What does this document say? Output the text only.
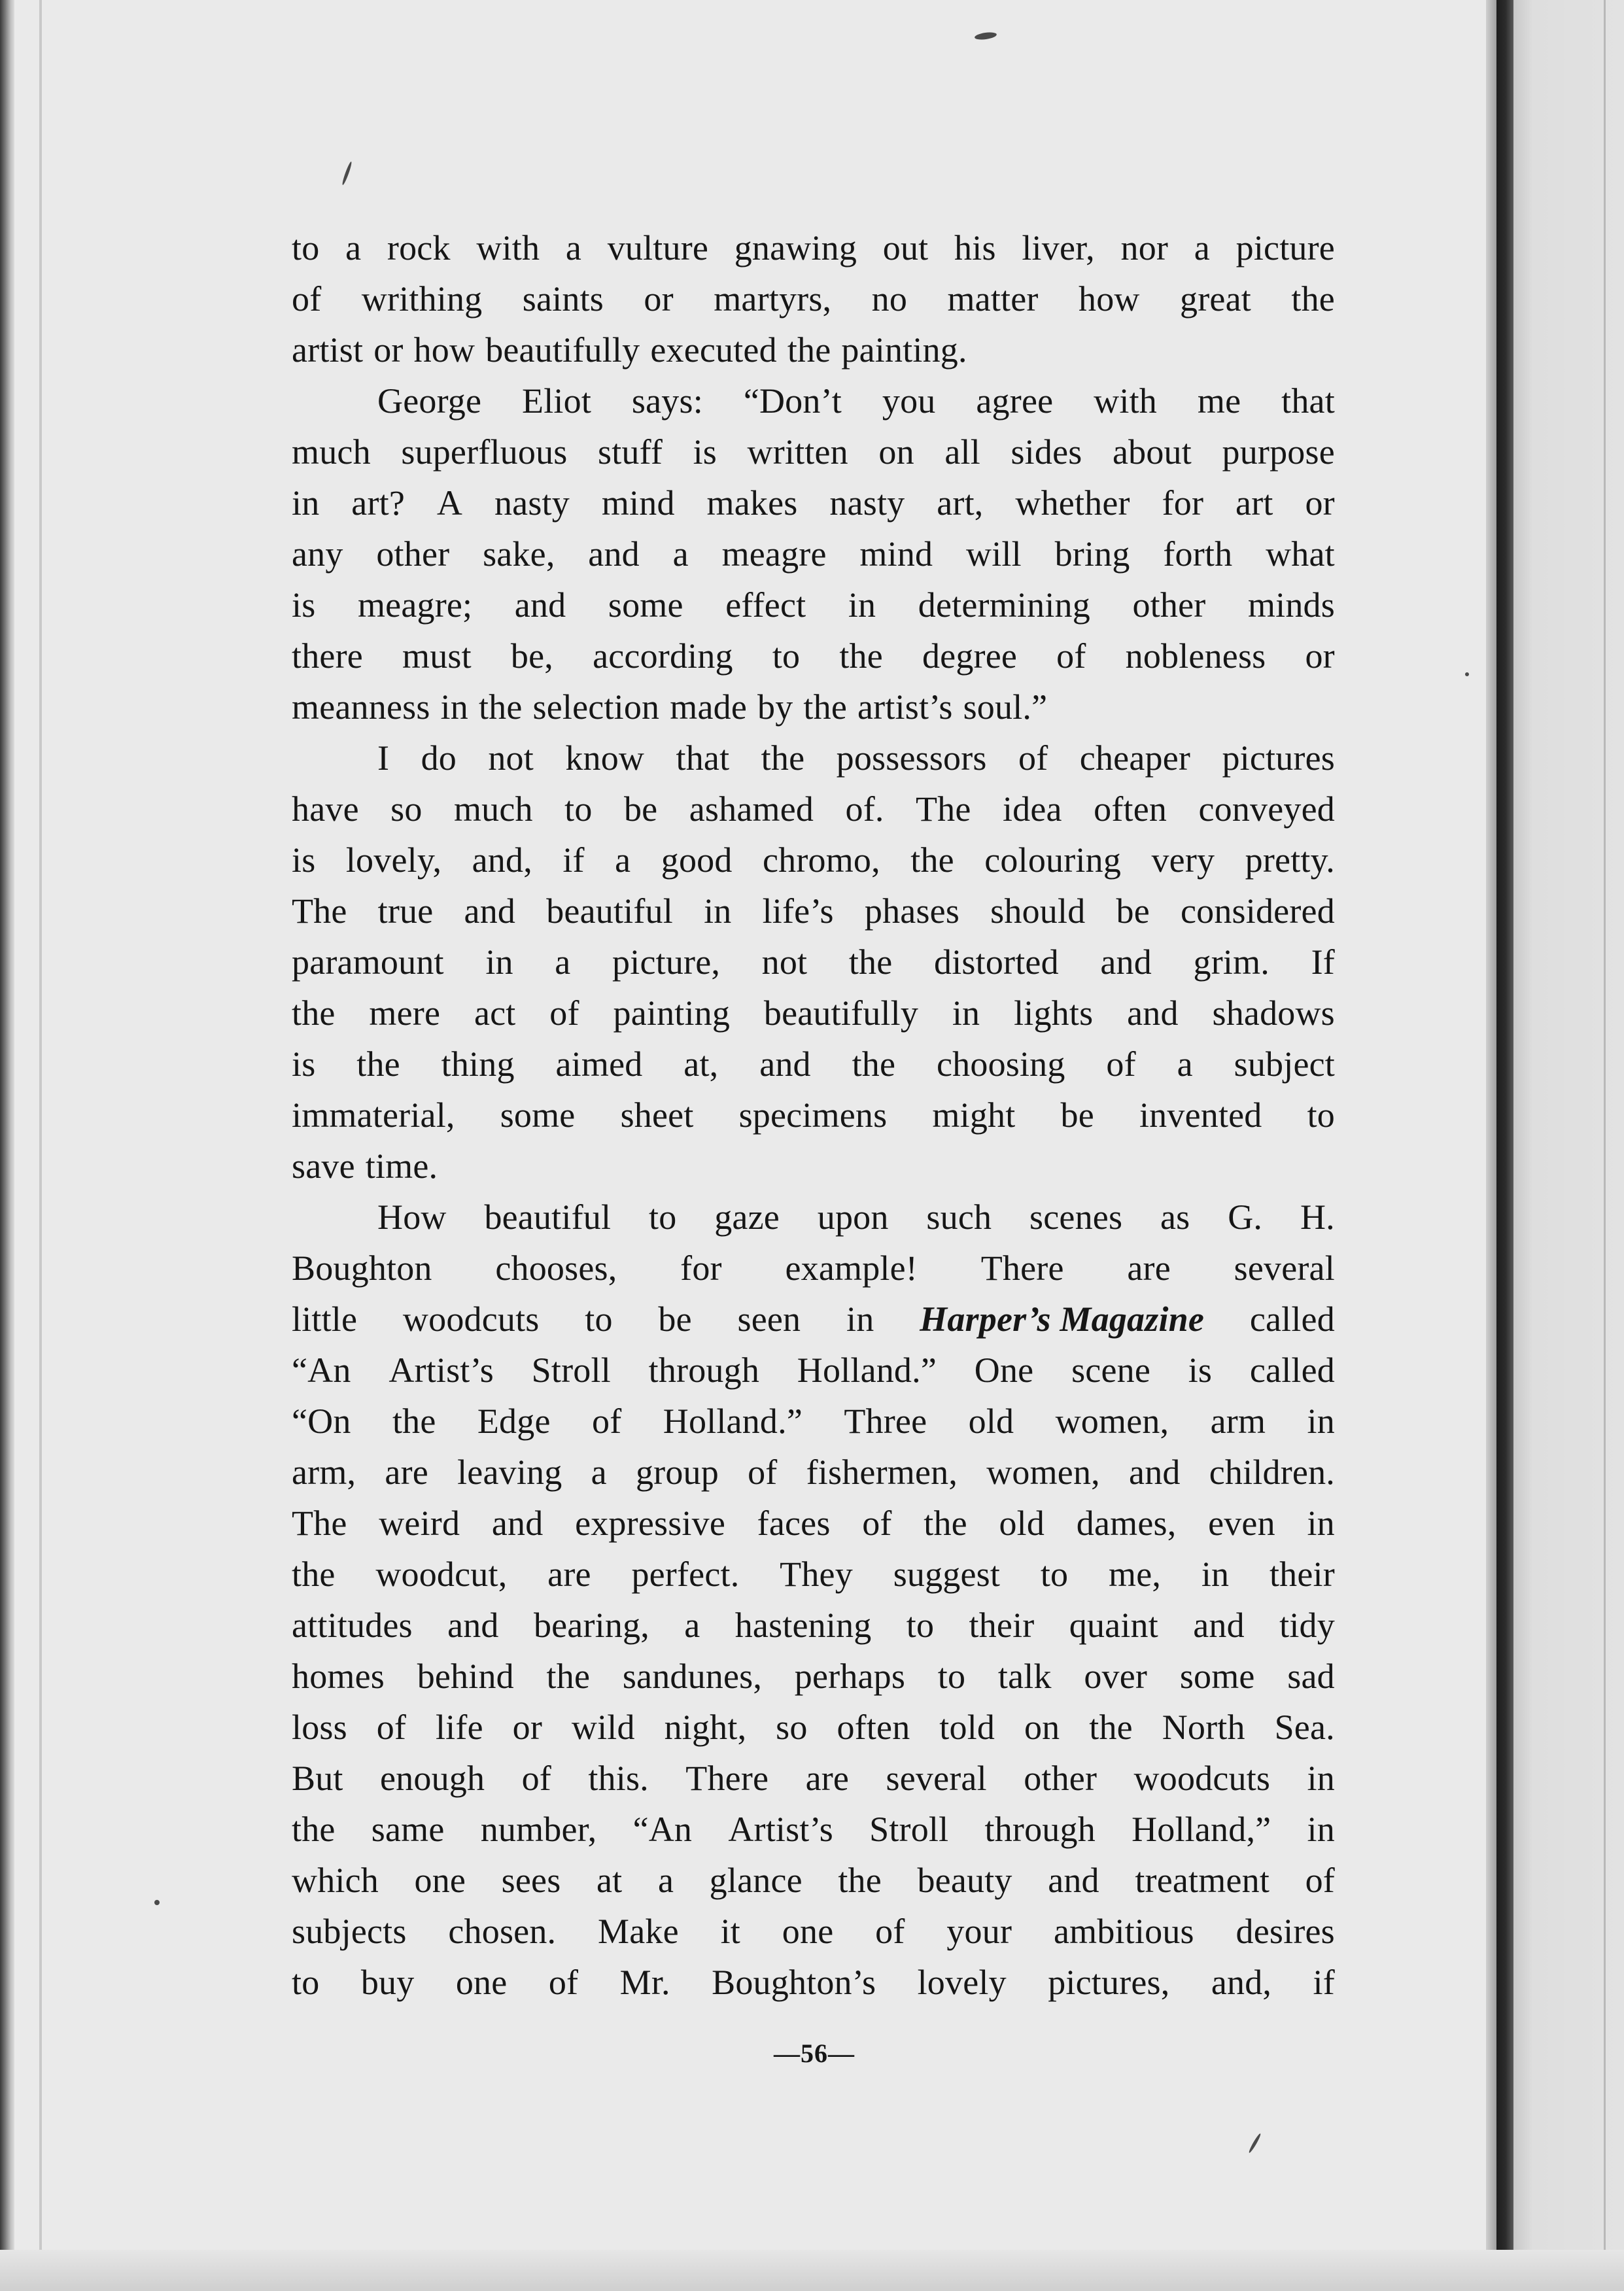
to a rock with a vulture gnawing out his liver, nor a picture
of writhing saints or martyrs, no matter how great the
artist or how beautifully executed the painting.
George Eliot says: “Don’t you agree with me that
much superfluous stuff is written on all sides about purpose
in art? A nasty mind makes nasty art, whether for art or
any other sake, and a meagre mind will bring forth what
is meagre; and some effect in determining other minds
there must be, according to the degree of nobleness or
meanness in the selection made by the artist’s soul.”
I do not know that the possessors of cheaper pictures
have so much to be ashamed of. The idea often conveyed
is lovely, and, if a good chromo, the colouring very pretty.
The true and beautiful in life’s phases should be considered
paramount in a picture, not the distorted and grim. If
the mere act of painting beautifully in lights and shadows
is the thing aimed at, and the choosing of a subject
immaterial, some sheet specimens might be invented to
save time.
How beautiful to gaze upon such scenes as G. H.
Boughton chooses, for example! There are several
little woodcuts to be seen in Harper’s Magazine called
“An Artist’s Stroll through Holland.” One scene is called
“On the Edge of Holland.” Three old women, arm in
arm, are leaving a group of fishermen, women, and children.
The weird and expressive faces of the old dames, even in
the woodcut, are perfect. They suggest to me, in their
attitudes and bearing, a hastening to their quaint and tidy
homes behind the sandunes, perhaps to talk over some sad
loss of life or wild night, so often told on the North Sea.
But enough of this. There are several other woodcuts in
the same number, “An Artist’s Stroll through Holland,” in
which one sees at a glance the beauty and treatment of
subjects chosen. Make it one of your ambitious desires
to buy one of Mr. Boughton’s lovely pictures, and, if
—56—
